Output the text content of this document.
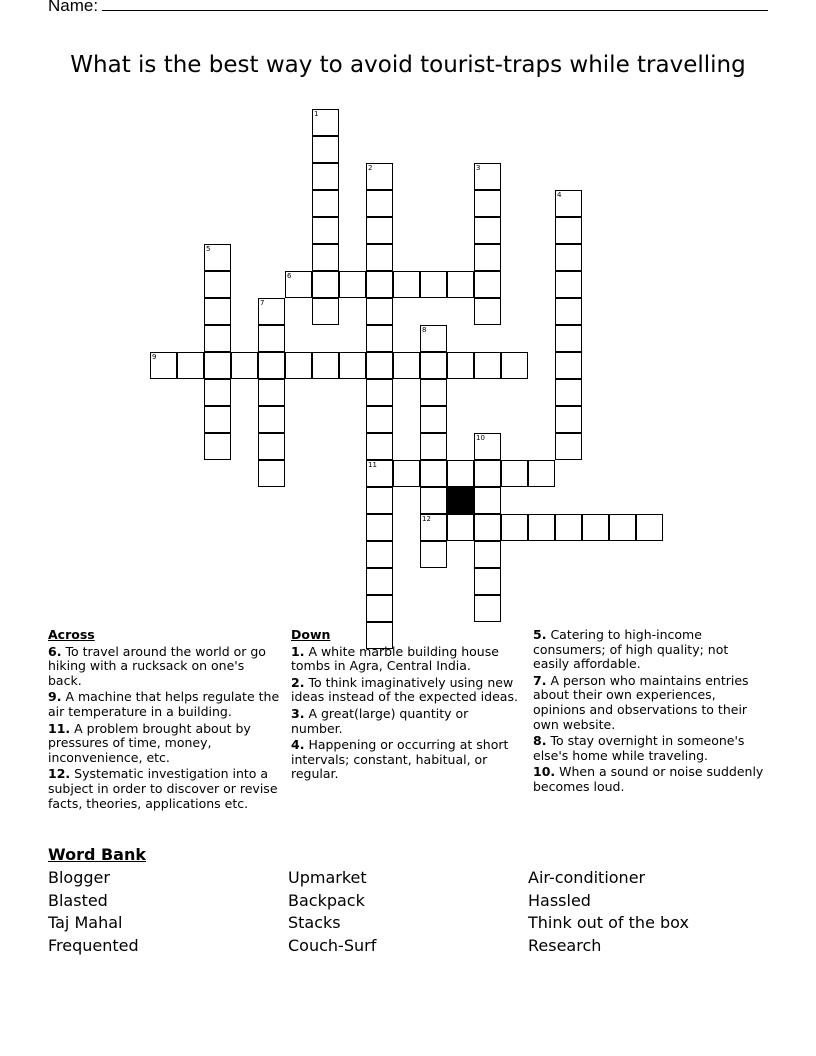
Name:
What is the best way to avoid tourist-traps while travelling
1
2
11
3
4
5
6
7
8
12
9
10
Across
6. To travel around the world or go hiking with a rucksack on one's back.
9. A machine that helps regulate the air temperature in a building.
11. A problem brought about by pressures of time, money, inconvenience, etc.
12. Systematic investigation into a subject in order to discover or revise facts, theories, applications etc.
Down
1. A white marble building house tombs in Agra, Central India.
2. To think imaginatively using new ideas instead of the expected ideas.
3. A great(large) quantity or number.
4. Happening or occurring at short intervals; constant, habitual, or regular.
5. Catering to high-income consumers; of high quality; not easily affordable.
7. A person who maintains entries about their own experiences, opinions and observations to their own website.
8. To stay overnight in someone's else's home while traveling.
10. When a sound or noise suddenly becomes loud.
Word Bank
Blogger	Upmarket	Air-conditioner
Blasted	Backpack	Hassled
Taj Mahal	Stacks	Think out of the box
Frequented	Couch-Surf	Research
